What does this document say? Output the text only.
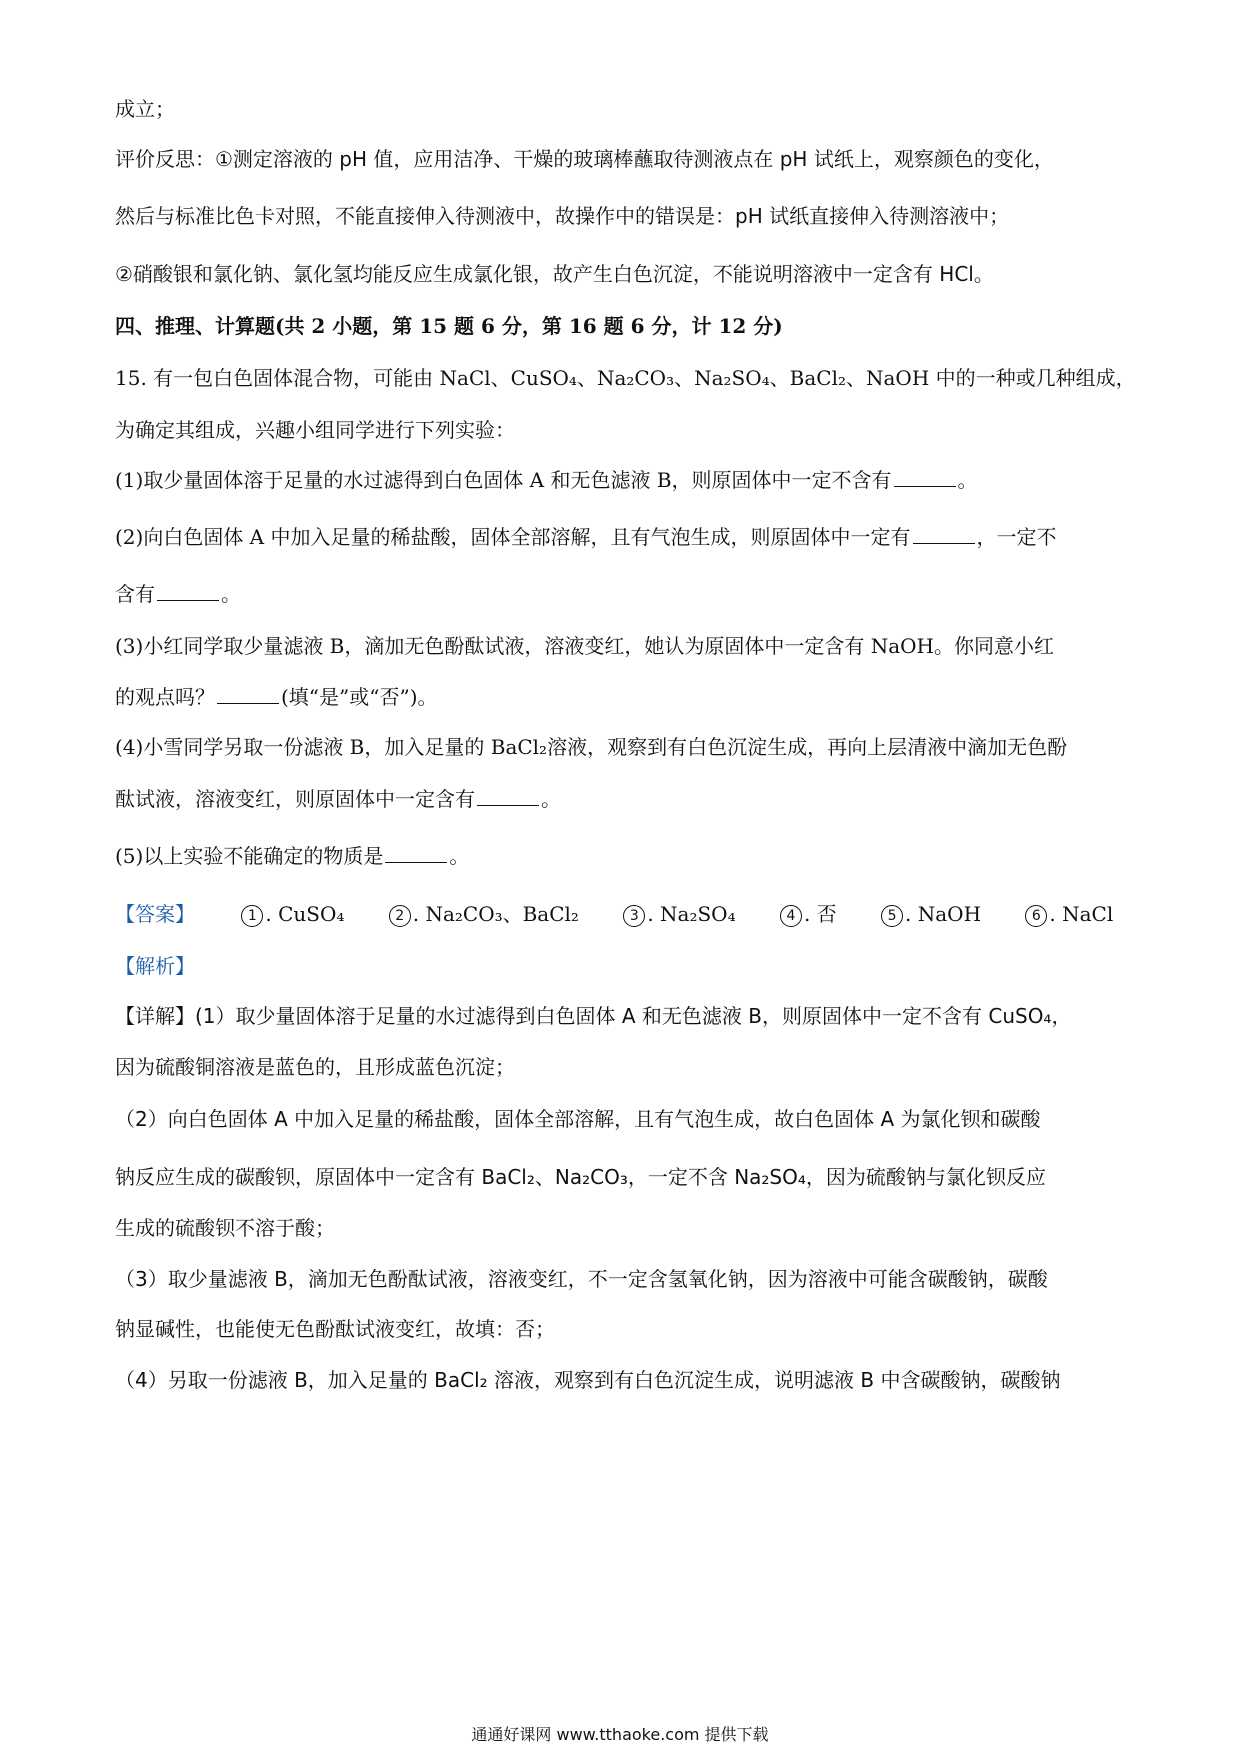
成立；
评价反思：①测定溶液的 pH 值，应用洁净、干燥的玻璃棒蘸取待测液点在 pH 试纸上，观察颜色的变化，
然后与标准比色卡对照，不能直接伸入待测液中，故操作中的错误是：pH 试纸直接伸入待测溶液中；
②硝酸银和氯化钠、氯化氢均能反应生成氯化银，故产生白色沉淀，不能说明溶液中一定含有 HCl。
四、推理、计算题(共 2 小题，第 15 题 6 分，第 16 题 6 分，计 12 分)
15. 有一包白色固体混合物，可能由 NaCl、CuSO₄、Na₂CO₃、Na₂SO₄、BaCl₂、NaOH 中的一种或几种组成，
为确定其组成，兴趣小组同学进行下列实验：
(1)取少量固体溶于足量的水过滤得到白色固体 A 和无色滤液 B，则原固体中一定不含有	。
(2)向白色固体 A 中加入足量的稀盐酸，固体全部溶解，且有气泡生成，则原固体中一定有	，一定不
含有	。
(3)小红同学取少量滤液 B，滴加无色酚酞试液，溶液变红，她认为原固体中一定含有 NaOH。你同意小红
的观点吗？	(填“是”或“否”)。
(4)小雪同学另取一份滤液 B，加入足量的 BaCl₂溶液，观察到有白色沉淀生成，再向上层清液中滴加无色酚
酞试液，溶液变红，则原固体中一定含有	。
(5)以上实验不能确定的物质是	。
【答案】	1 . CuSO₄	2 . Na₂CO₃、BaCl₂	3 . Na₂SO₄	4 . 否	5 . NaOH	6 . NaCl
【解析】
【详解】(1）取少量固体溶于足量的水过滤得到白色固体 A 和无色滤液 B，则原固体中一定不含有 CuSO₄，
因为硫酸铜溶液是蓝色的，且形成蓝色沉淀；
（2）向白色固体 A 中加入足量的稀盐酸，固体全部溶解，且有气泡生成，故白色固体 A 为氯化钡和碳酸
钠反应生成的碳酸钡，原固体中一定含有 BaCl₂、Na₂CO₃，一定不含 Na₂SO₄，因为硫酸钠与氯化钡反应
生成的硫酸钡不溶于酸；
（3）取少量滤液 B，滴加无色酚酞试液，溶液变红，不一定含氢氧化钠，因为溶液中可能含碳酸钠，碳酸
钠显碱性，也能使无色酚酞试液变红，故填：否；
（4）另取一份滤液 B，加入足量的 BaCl₂ 溶液，观察到有白色沉淀生成，说明滤液 B 中含碳酸钠，碳酸钠
通通好课网 www.tthaoke.com 提供下载
